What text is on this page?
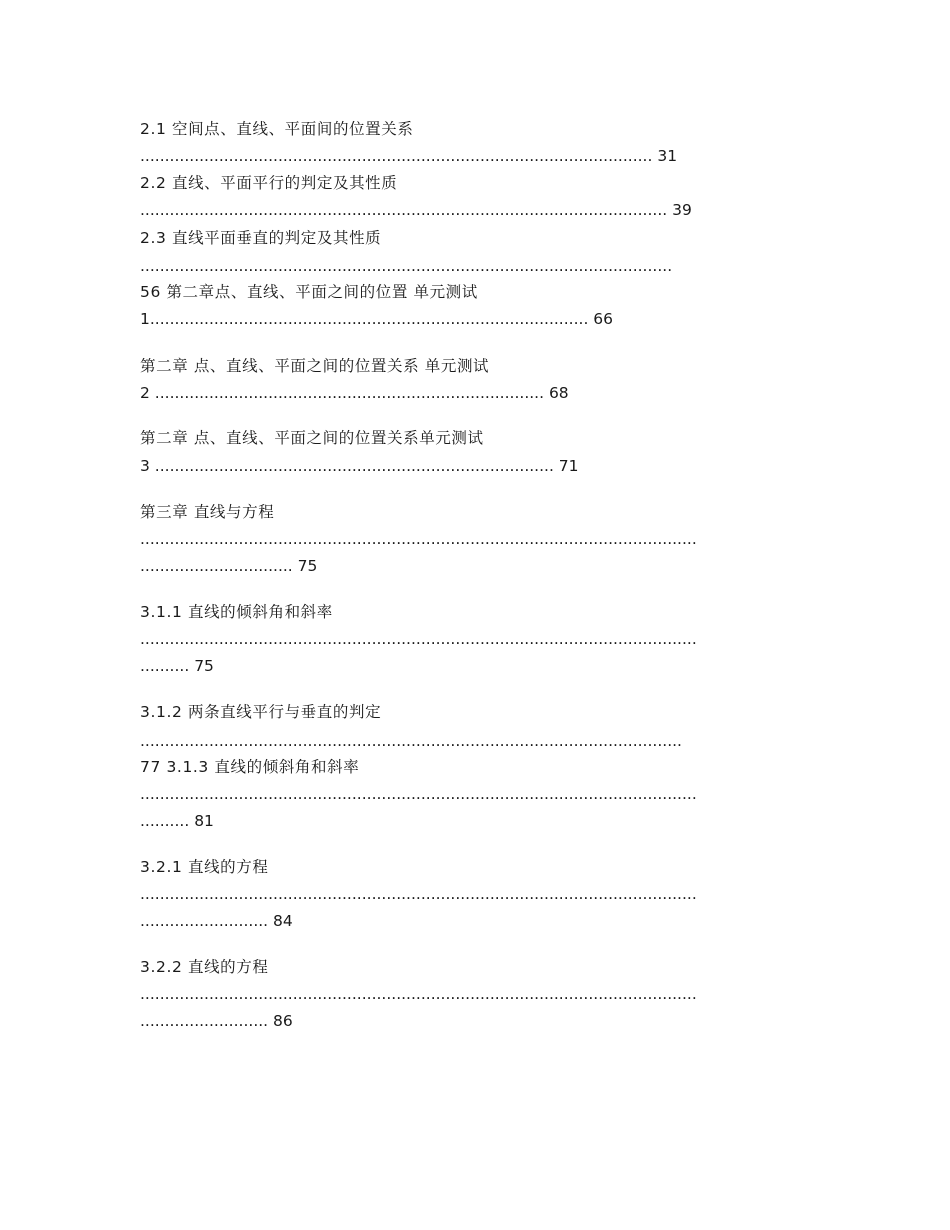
2.1 空间点、直线、平面间的位置关系
........................................................................................................ 31
2.2 直线、平面平行的判定及其性质
........................................................................................................... 39
2.3 直线平面垂直的判定及其性质
............................................................................................................
56 第二章点、直线、平面之间的位置 单元测试
1......................................................................................... 66
第二章 点、直线、平面之间的位置关系 单元测试
2 ............................................................................... 68
第二章 点、直线、平面之间的位置关系单元测试
3 ................................................................................. 71
第三章 直线与方程
.................................................................................................................
............................... 75
3.1.1 直线的倾斜角和斜率
.................................................................................................................
.......... 75
3.1.2 两条直线平行与垂直的判定
..............................................................................................................
77 3.1.3 直线的倾斜角和斜率
.................................................................................................................
.......... 81
3.2.1 直线的方程
.................................................................................................................
.......................... 84
3.2.2 直线的方程
.................................................................................................................
.......................... 86
